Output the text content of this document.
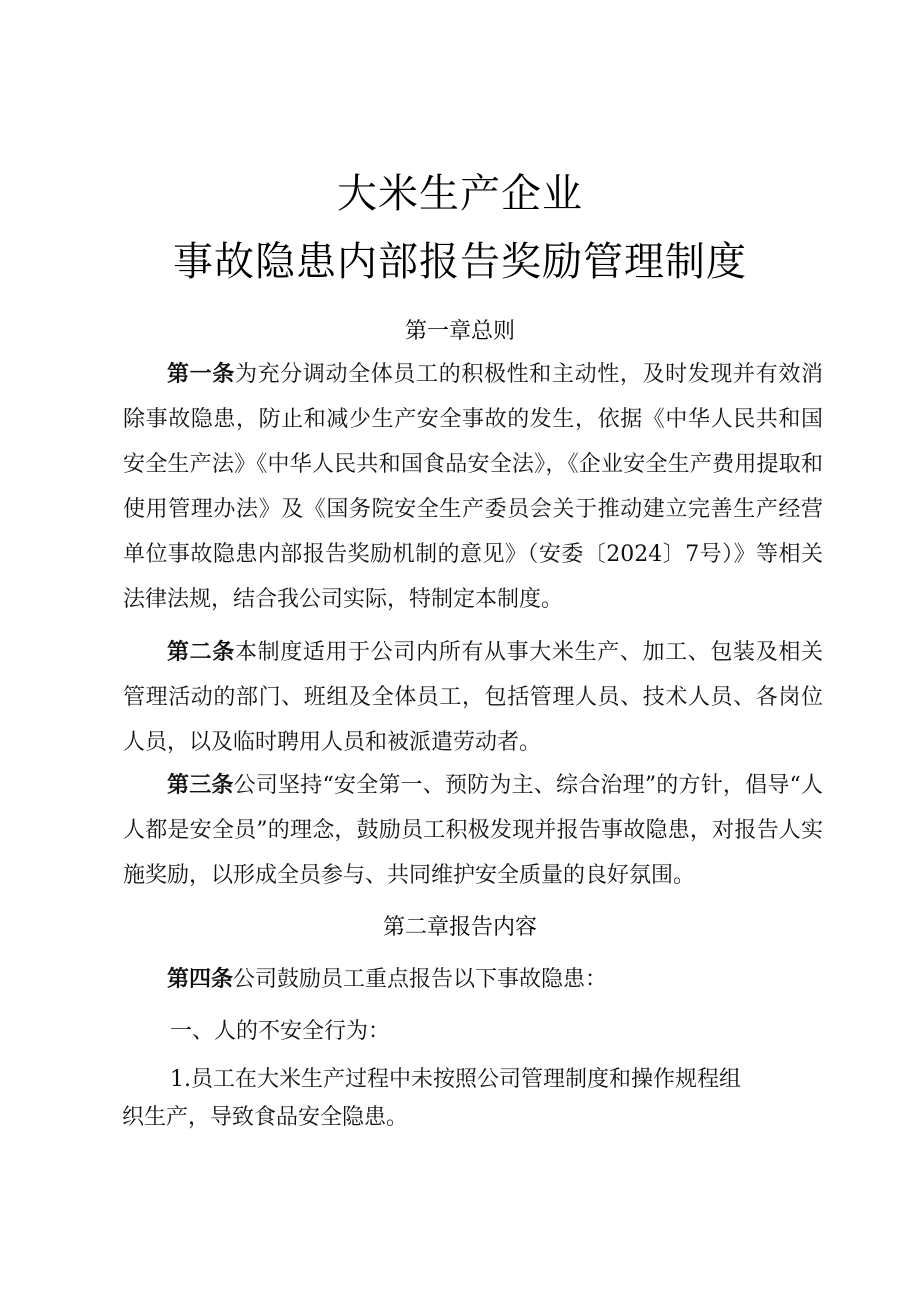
大米生产企业
事故隐患内部报告奖励管理制度
第一章总则

第一条为充分调动全体员工的积极性和主动性，及时发现并有效消除事故隐患，防止和减少生产安全事故的发生，依据《中华人民共和国安全生产法》《中华人民共和国食品安全法》，《企业安全生产费用提取和使用管理办法》及《国务院安全生产委员会关于推动建立完善生产经营单位事故隐患内部报告奖励机制的意见》（安委〔2024〕7号）》等相关法律法规，结合我公司实际，特制定本制度。

第二条本制度适用于公司内所有从事大米生产、加工、包装及相关管理活动的部门、班组及全体员工，包括管理人员、技术人员、各岗位人员，以及临时聘用人员和被派遣劳动者。

第三条公司坚持“安全第一、预防为主、综合治理”的方针，倡导“人人都是安全员”的理念，鼓励员工积极发现并报告事故隐患，对报告人实施奖励，以形成全员参与、共同维护安全质量的良好氛围。

第二章报告内容

第四条公司鼓励员工重点报告以下事故隐患：

一、人的不安全行为：
1.员工在大米生产过程中未按照公司管理制度和操作规程组
织生产，导致食品安全隐患。
